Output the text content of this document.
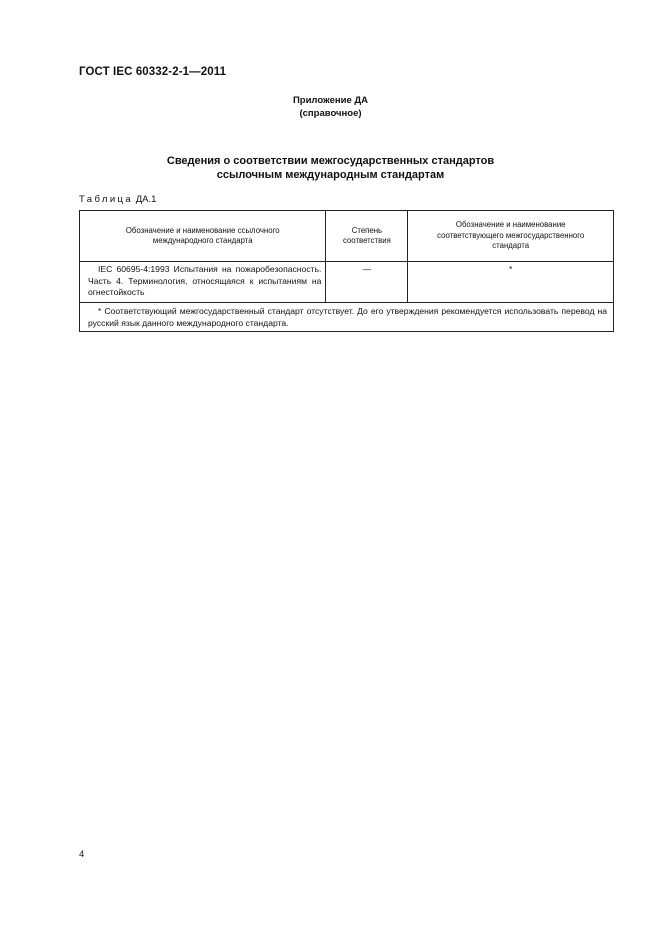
ГОСТ IEC 60332-2-1—2011
Приложение ДА
(справочное)
Сведения о соответствии межгосударственных стандартов
ссылочным международным стандартам
Таблица ДА.1
Обозначение и наименование ссылочного международного стандарта	Степень соответствия	Обозначение и наименование соответствующего межгосударственного стандарта

IEC 60695-4:1993 Испытания на пожаробезопасность. Часть 4. Терминология, относящаяся к испытаниям на огнестойкость	—	*
* Соответствующий межгосударственный стандарт отсутствует. До его утверждения рекомендуется использовать перевод на русский язык данного международного стандарта.		
4
